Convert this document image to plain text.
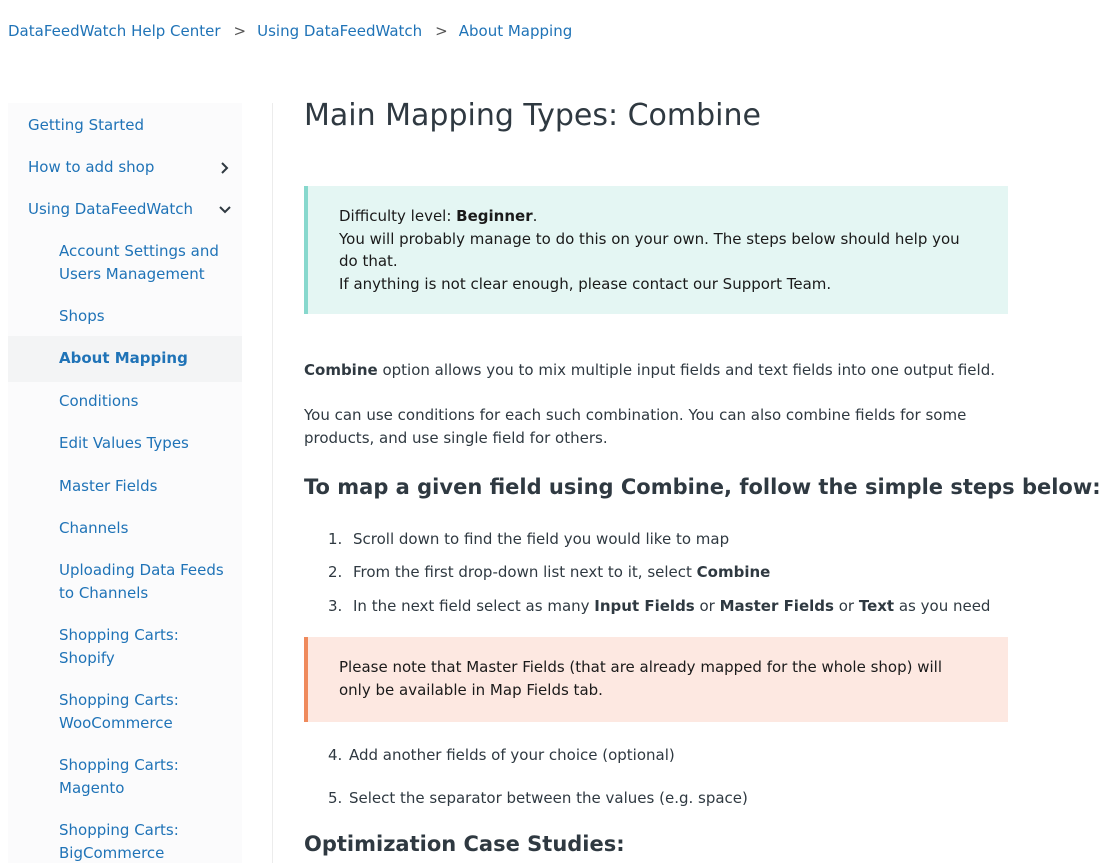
DataFeedWatch Help Center > Using DataFeedWatch > About Mapping
Getting Started
How to add shop
Using DataFeedWatch
Account Settings and Users Management
Shops
About Mapping
Conditions
Edit Values Types
Master Fields
Channels
Uploading Data Feeds to Channels
Shopping Carts: Shopify
Shopping Carts: WooCommerce
Shopping Carts: Magento
Shopping Carts: BigCommerce
Main Mapping Types: Combine
Difficulty level: Beginner.
You will probably manage to do this on your own. The steps below should help you do that.
If anything is not clear enough, please contact our Support Team.

Combine option allows you to mix multiple input fields and text fields into one output field.

You can use conditions for each such combination. You can also combine fields for some products, and use single field for others.

To map a given field using Combine, follow the simple steps below:
1. Scroll down to find the field you would like to map
2. From the first drop-down list next to it, select Combine
3. In the next field select as many Input Fields or Master Fields or Text as you need
Please note that Master Fields (that are already mapped for the whole shop) will only be available in Map Fields tab.
4. Add another fields of your choice (optional)
5. Select the separator between the values (e.g. space)
Optimization Case Studies:
